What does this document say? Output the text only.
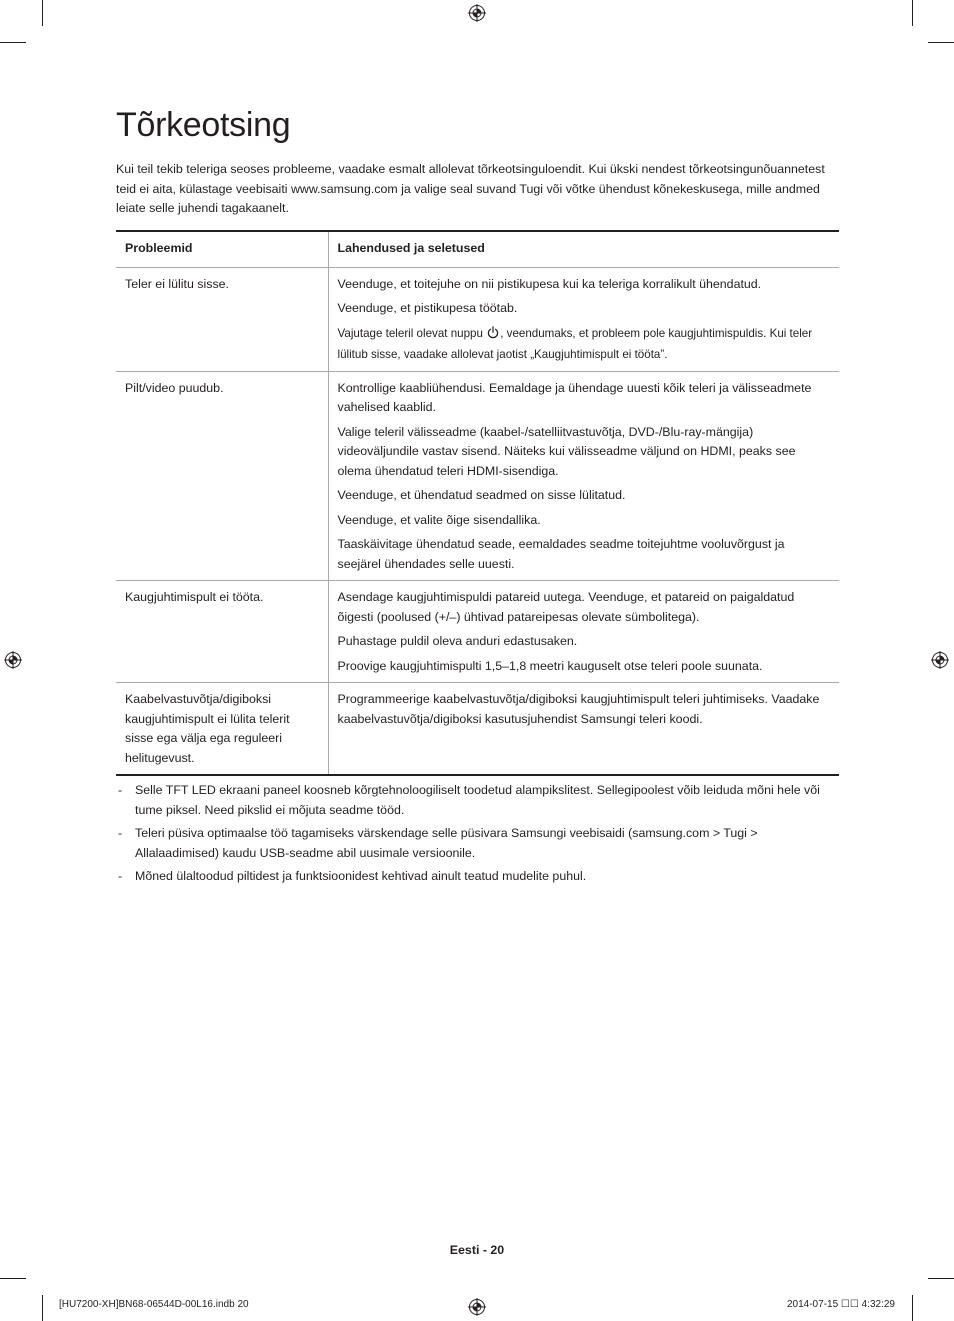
Tõrkeotsing

Kui teil tekib teleriga seoses probleeme, vaadake esmalt allolevat tõrkeotsinguloendit. Kui ükski nendest tõrkeotsingunõuannetest teid ei aita, külastage veebisaiti www.samsung.com ja valige seal suvand Tugi või võtke ühendust kõnekeskusega, mille andmed leiate selle juhendi tagakaanelt.

Probleemid	Lahendused ja seletused
Teler ei lülitu sisse.	Veenduge, et toitejuhe on nii pistikupesa kui ka teleriga korralikult ühendatud.

Veenduge, et pistikupesa töötab.

Vajutage teleril olevat nuppu , veendumaks, et probleem pole kaugjuhtimispuldis. Kui teler lülitub sisse, vaadake allolevat jaotist „Kaugjuhtimispult ei tööta”.

Pilt/video puudub.	Kontrollige kaabliühendusi. Eemaldage ja ühendage uuesti kõik teleri ja välisseadmete vahelised kaablid.

Valige teleril välisseadme (kaabel-/satelliitvastuvõtja, DVD-/Blu-ray-mängija) videoväljundile vastav sisend. Näiteks kui välisseadme väljund on HDMI, peaks see olema ühendatud teleri HDMI-sisendiga.

Veenduge, et ühendatud seadmed on sisse lülitatud.

Veenduge, et valite õige sisendallika.

Taaskäivitage ühendatud seade, eemaldades seadme toitejuhtme vooluvõrgust ja seejärel ühendades selle uuesti.

Kaugjuhtimispult ei tööta.	Asendage kaugjuhtimispuldi patareid uutega. Veenduge, et patareid on paigaldatud õigesti (poolused (+/–) ühtivad patareipesas olevate sümbolitega).

Puhastage puldil oleva anduri edastusaken.

Proovige kaugjuhtimispulti 1,5–1,8 meetri kauguselt otse teleri poole suunata.

Kaabelvastuvõtja/digiboksi kaugjuhtimispult ei lülita telerit sisse ega välja ega reguleeri helitugevust.	Programmeerige kaabelvastuvõtja/digiboksi kaugjuhtimispult teleri juhtimiseks. Vaadake kaabelvastuvõtja/digiboksi kasutusjuhendist Samsungi teleri koodi.

- Selle TFT LED ekraani paneel koosneb kõrgtehnoloogiliselt toodetud alampikslitest. Sellegipoolest võib leiduda mõni hele või tume piksel. Need pikslid ei mõjuta seadme tööd.
- Teleri püsiva optimaalse töö tagamiseks värskendage selle püsivara Samsungi veebisaidi (samsung.com > Tugi > Allalaadimised) kaudu USB-seadme abil uusimale versioonile.
- Mõned ülaltoodud piltidest ja funktsioonidest kehtivad ainult teatud mudelite puhul.
Eesti - 20
[HU7200-XH]BN68-06544D-00L16.indb 20	2014-07-15 ☐☐ 4:32:29
